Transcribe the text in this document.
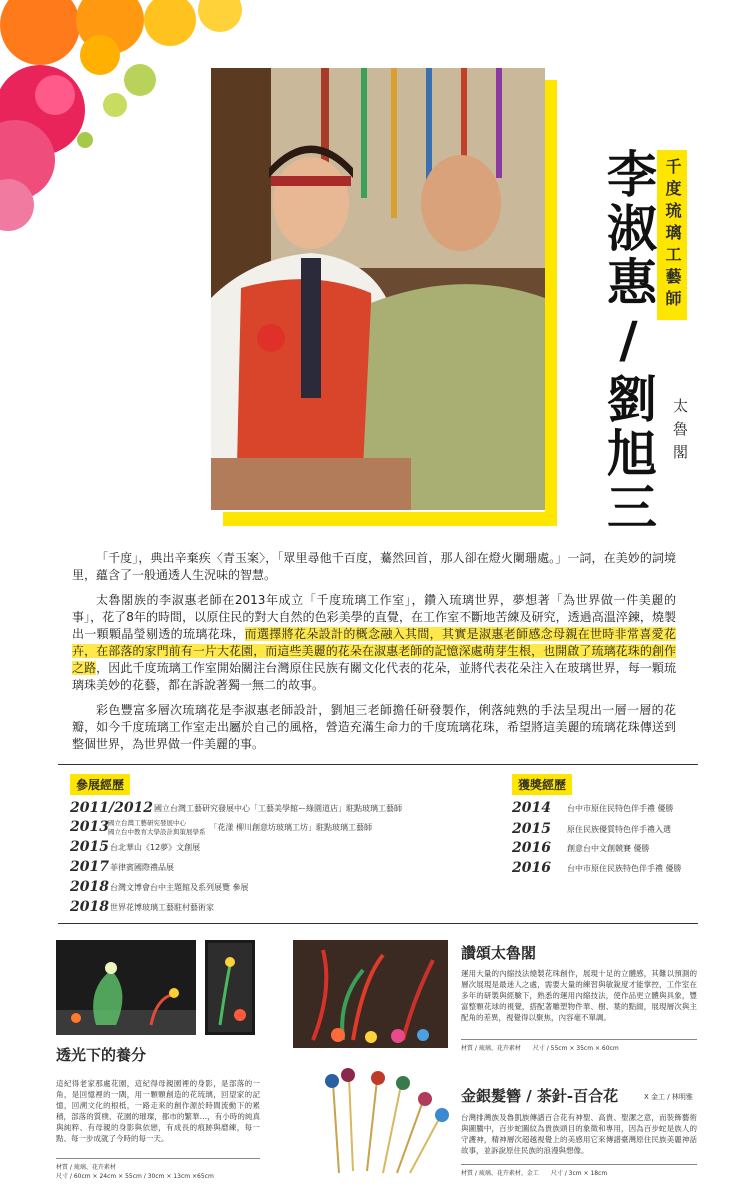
千度琉璃工藝師
李淑惠/劉旭三 太魯閣

「千度」，典出辛棄疾〈青玉案〉，「眾里尋他千百度，驀然回首，那人卻在燈火闌珊處。」一詞，在美妙的詞境里，蘊含了一般通透人生況味的智慧。

太魯閣族的李淑惠老師在2013年成立「千度琉璃工作室」，鑽入琉璃世界，夢想著「為世界做一件美麗的事」，花了8年的時間，以原住民的對大自然的色彩美學的直覺，在工作室不斷地苦練及研究，透過高溫淬鍊，燒製出一顆顆晶瑩剔透的琉璃花珠，而選擇將花朵設計的概念融入其間，其實是淑惠老師感念母親在世時非常喜愛花卉，在部落的家門前有一片大花園，而這些美麗的花朵在淑惠老師的記憶深處萌芽生根，也開啟了琉璃花珠的創作之路，因此千度琉璃工作室開始關注台灣原住民族有關文化代表的花朵，並將代表花朵注入在玻璃世界，每一顆琉璃珠美妙的花藝，都在訴說著獨一無二的故事。

彩色豐富多層次琉璃花是李淑惠老師設計，劉旭三老師擔任研發製作，俐落純熟的手法呈現出一層一層的花瓣，如今千度琉璃工作室走出屬於自己的風格，營造充滿生命力的千度琉璃花珠，希望將這美麗的琉璃花珠傳送到整個世界，為世界做一件美麗的事。

參展經歷
2011/2012 國立台灣工藝研究發展中心「工藝美學館ー綠園道店」駐點玻璃工藝師
2013 國立台灣工藝研究發展中心
國立台中教育大學設計與策展學系
「花漾 柳川創意坊玻璃工坊」駐點玻璃工藝師
2015 台北華山《12夢》文創展
2017 菲律賓國際禮品展
2018 台灣文博會台中主題館及系列展覽 參展
2018 世界花博玻璃工藝駐村藝術家
獲獎經歷
2014	台中市原住民特色伴手禮 優勝
2015	原住民族優質特色伴手禮入選
2016	創意台中文創競賽 優勝
2016	台中市原住民族特色伴手禮 優勝
透光下的養分
這紀得老家那處花園，這紀得母親園裡的身影，是部落的一角，是回憶裡的一隅，用一顆顆創造的花琉璃，回望家的記憶，回溯文化的根柢，一路走來的創作源於時間流動下的累積，部落的質樸、花園的璀璨，都市的繁華…，有小時的純真與純粹、有母親的身影與依戀，有成長的痕跡與磨練，每一點、每一步成就了今時的每一天。
材質 / 琉璃、花卉素材
尺寸 / 60cm × 24cm × 55cm / 30cm × 13cm ×65cm
讚頌太魯閣
運用大量的內縮技法燒製花珠創作，展現十足的立體感，其難以預測的層次展現是最迷人之處，需要大量的練習與敏銳度才能掌控，工作室在多年的研製與經驗下，熟悉的運用內縮技法，使作品更立體與具象，豐富整顆花球的視覺，搭配著雕塑物件華、樹、葉的點綴，展現層次與主配角的差異，視覺得以聚焦，內容毫不單調。
材質 / 琉璃、花卉素材　　尺寸 / 55cm × 35cm × 60cm
金銀髮簪 / 茶針-百合花	X 金工 / 林明雅
台灣排灣族及魯凱族傳譜百合花有神聖、高貴、聖潔之意，而裝飾藝術與圖騰中，百步蛇圖紋為貴族頭目的象徵和專用，因為百步蛇是族人的守護神，精神層次超越視覺上的美感用它來傳譜臺灣原住民族美麗神話故事，並訴說原住民族的浪漫與想像。
材質 / 琉璃、花卉素材、金工　　尺寸 / 3cm × 18cm
